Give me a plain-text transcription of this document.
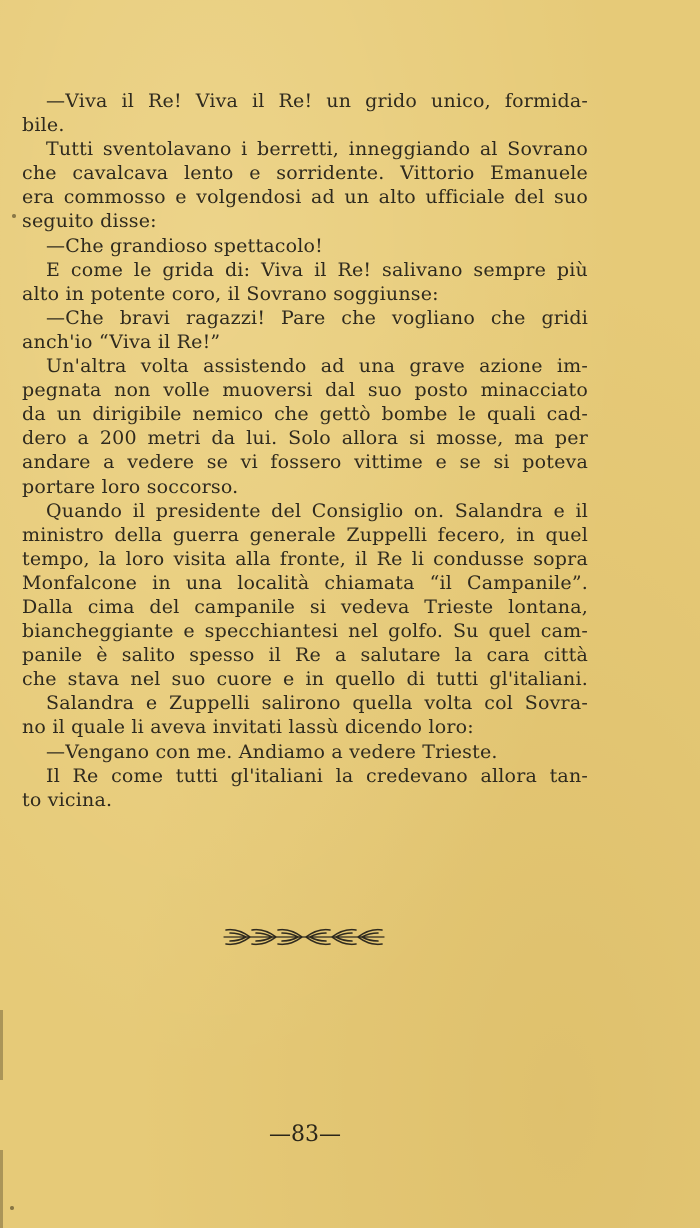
—Viva il Re! Viva il Re! un grido unico, formida-
bile.
Tutti sventolavano i berretti, inneggiando al Sovrano
che cavalcava lento e sorridente. Vittorio Emanuele
era commosso e volgendosi ad un alto ufficiale del suo
seguito disse:
—Che grandioso spettacolo!
E come le grida di: Viva il Re! salivano sempre più
alto in potente coro, il Sovrano soggiunse:
—Che bravi ragazzi! Pare che vogliano che gridi
anch'io “Viva il Re!”
Un'altra volta assistendo ad una grave azione im-
pegnata non volle muoversi dal suo posto minacciato
da un dirigibile nemico che gettò bombe le quali cad-
dero a 200 metri da lui. Solo allora si mosse, ma per
andare a vedere se vi fossero vittime e se si poteva
portare loro soccorso.
Quando il presidente del Consiglio on. Salandra e il
ministro della guerra generale Zuppelli fecero, in quel
tempo, la loro visita alla fronte, il Re li condusse sopra
Monfalcone in una località chiamata “il Campanile”.
Dalla cima del campanile si vedeva Trieste lontana,
biancheggiante e specchiantesi nel golfo. Su quel cam-
panile è salito spesso il Re a salutare la cara città
che stava nel suo cuore e in quello di tutti gl'italiani.
Salandra e Zuppelli salirono quella volta col Sovra-
no il quale li aveva invitati lassù dicendo loro:
—Vengano con me. Andiamo a vedere Trieste.
Il Re come tutti gl'italiani la credevano allora tan-
to vicina.
—83—
